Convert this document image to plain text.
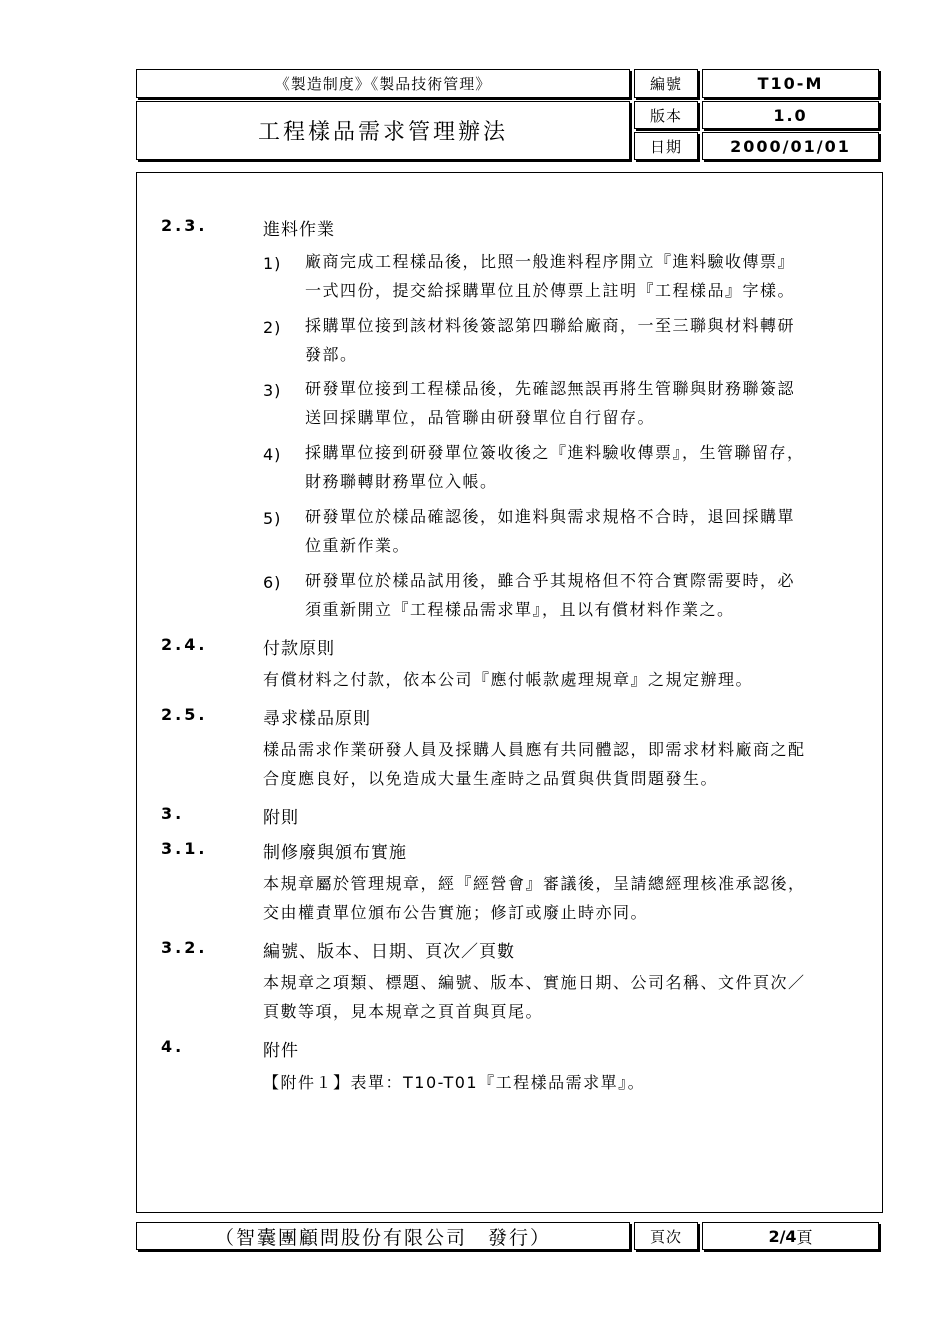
《製造制度》《製品技術管理》
工程樣品需求管理辦法
編號	T10-M
版本	1.0
日期	2000/01/01
2.3.	進料作業
1) 廠商完成工程樣品後，比照一般進料程序開立『進料驗收傳票』
一式四份，提交給採購單位且於傳票上註明『工程樣品』字樣。
2) 採購單位接到該材料後簽認第四聯給廠商，一至三聯與材料轉研
發部。
3) 研發單位接到工程樣品後，先確認無誤再將生管聯與財務聯簽認
送回採購單位，品管聯由研發單位自行留存。
4) 採購單位接到研發單位簽收後之『進料驗收傳票』，生管聯留存，
財務聯轉財務單位入帳。
5) 研發單位於樣品確認後，如進料與需求規格不合時，退回採購單
位重新作業。
6) 研發單位於樣品試用後，雖合乎其規格但不符合實際需要時，必
須重新開立『工程樣品需求單』，且以有償材料作業之。
2.4.	付款原則
有償材料之付款，依本公司『應付帳款處理規章』之規定辦理。
2.5.	尋求樣品原則
樣品需求作業研發人員及採購人員應有共同體認，即需求材料廠商之配
合度應良好，以免造成大量生產時之品質與供貨問題發生。
3.	附則
3.1.	制修廢與頒布實施
本規章屬於管理規章，經『經營會』審議後，呈請總經理核准承認後，
交由權責單位頒布公告實施；修訂或廢止時亦同。
3.2.	編號、版本、日期、頁次／頁數
本規章之項類、標題、編號、版本、實施日期、公司名稱、文件頁次／
頁數等項，見本規章之頁首與頁尾。
4.	附件
【附件１】表單：T10-T01『工程樣品需求單』。
（智囊團顧問股份有限公司　發行）	頁次	2/4 頁
